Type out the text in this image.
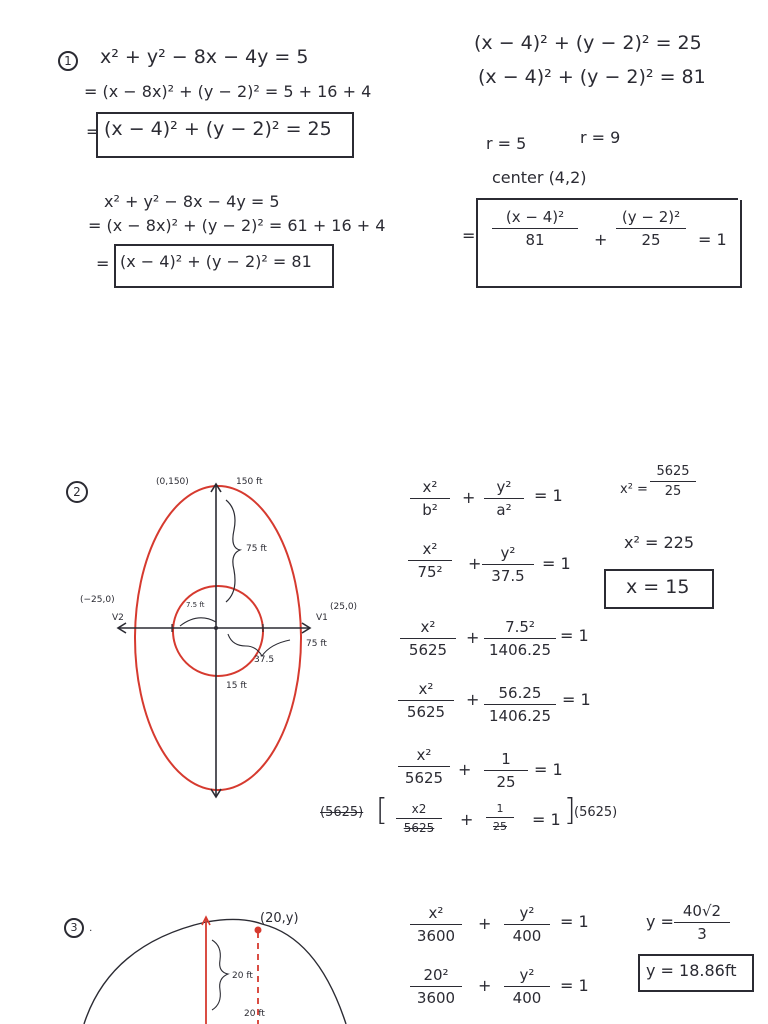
1	x² + y² − 8x − 4y = 5
= (x − 8x)² + (y − 2)² = 5 + 16 + 4
= (x − 4)² + (y − 2)² = 25
x² + y² − 8x − 4y = 5
= (x − 8x)² + (y − 2)² = 61 + 16 + 4
= (x − 4)² + (y − 2)² = 81
(x − 4)² + (y − 2)² = 25
(x − 4)² + (y − 2)² = 81
r = 5	r = 9
center (4,2)
=
(x − 4)²
81	+
(y − 2)²
25 = 1
2
(0,150)	150 ft
75 ft
(−25,0)
V2
(25,0)
V1
75 ft
7.5 ft
37.5
15 ft
x²
b²
+
y²
a²
= 1
x²
75² +
y²
37.5
= 1
x²
5625
+
7.5²
1406.25
= 1
x²
5625
+ 56.25
1406.25
= 1
x²
5625 +
1
25
= 1
(5625) [	x2
5625 +
1
25 = 1 ]
(5625)
x² =
5625
25
x² = 225
x = 15
3 .
(20,y)
20 ft
20 ft
x²
3600
+
y²
400
= 1
20²
3600
+
y²
400
= 1
y =
40√2
3
y = 18.86ft
